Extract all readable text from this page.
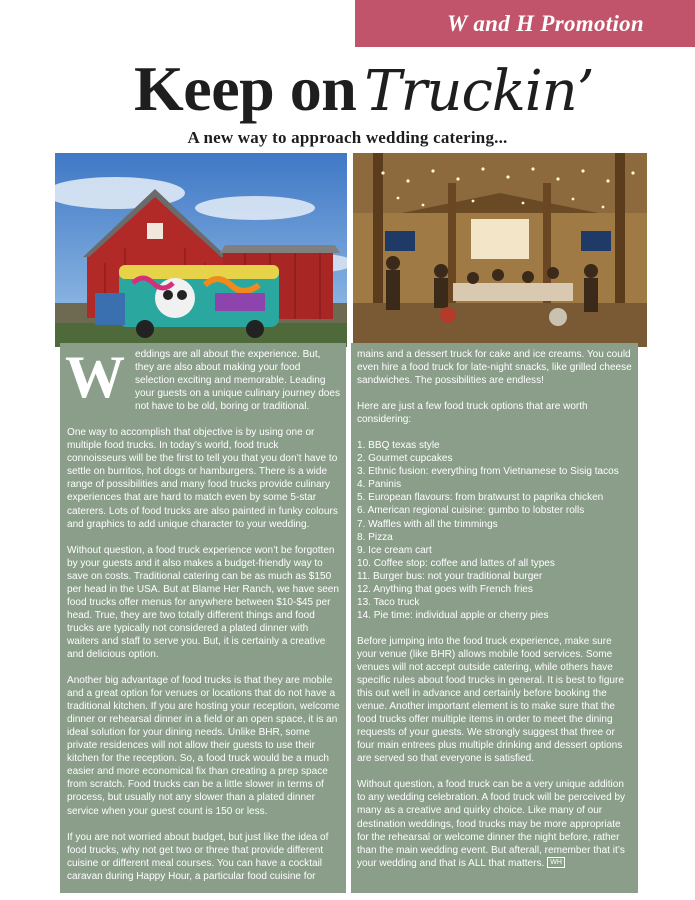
W and H Promotion
Keep on Truckin’
A new way to approach wedding catering...

Weddings are all about the experience. But, they are also about making your food selection exciting and memorable. Leading your guests on a unique culinary journey does not have to be old, boring or traditional.

One way to accomplish that objective is by using one or multiple food trucks. In today’s world, food truck connoisseurs will be the first to tell you that you don’t have to settle on burritos, hot dogs or hamburgers. There is a wide range of possibilities and many food trucks provide culinary experiences that are hard to match even by some 5-star caterers. Lots of food trucks are also painted in funky colours and graphics to add unique character to your wedding.

Without question, a food truck experience won’t be forgotten by your guests and it also makes a budget-friendly way to save on costs. Traditional catering can be as much as $150 per head in the USA. But at Blame Her Ranch, we have seen food trucks offer menus for anywhere between $10-$45 per head. True, they are two totally different things and food trucks are typically not considered a plated dinner with waiters and staff to serve you. But, it is certainly a creative and delicious option.

Another big advantage of food trucks is that they are mobile and a great option for venues or locations that do not have a traditional kitchen. If you are hosting your reception, welcome dinner or rehearsal dinner in a field or an open space, it is an ideal solution for your dining needs. Unlike BHR, some private residences will not allow their guests to use their kitchen for the reception. So, a food truck would be a much easier and more economical fix than creating a prep space from scratch. Food trucks can be a little slower in terms of process, but usually not any slower than a plated dinner service when your guest count is 150 or less.

If you are not worried about budget, but just like the idea of food trucks, why not get two or three that provide different cuisine or different meal courses. You can have a cocktail caravan during Happy Hour, a particular food cuisine for

mains and a dessert truck for cake and ice creams. You could even hire a food truck for late-night snacks, like grilled cheese sandwiches. The possibilities are endless!

Here are just a few food truck options that are worth considering:

1. BBQ texas style
2. Gourmet cupcakes
3. Ethnic fusion: everything from Vietnamese to Sisig tacos
4. Paninis
5. European flavours: from bratwurst to paprika chicken
6. American regional cuisine: gumbo to lobster rolls
7. Waffles with all the trimmings
8. Pizza
9. Ice cream cart
10. Coffee stop: coffee and lattes of all types
11. Burger bus: not your traditional burger
12. Anything that goes with French fries
13. Taco truck
14. Pie time: individual apple or cherry pies

Before jumping into the food truck experience, make sure your venue (like BHR) allows mobile food services. Some venues will not accept outside catering, while others have specific rules about food trucks in general. It is best to figure this out well in advance and certainly before booking the venue. Another important element is to make sure that the food trucks offer multiple items in order to meet the dining requests of your guests. We strongly suggest that three or four main entrees plus multiple drinking and dessert options are served so that everyone is satisfied.

Without question, a food truck can be a very unique addition to any wedding celebration. A food truck will be perceived by many as a creative and quirky choice. Like many of our destination weddings, food trucks may be more appropriate for the rehearsal or welcome dinner the night before, rather than the main wedding event. But afterall, remember that it’s your wedding and that is ALL that matters. WH
